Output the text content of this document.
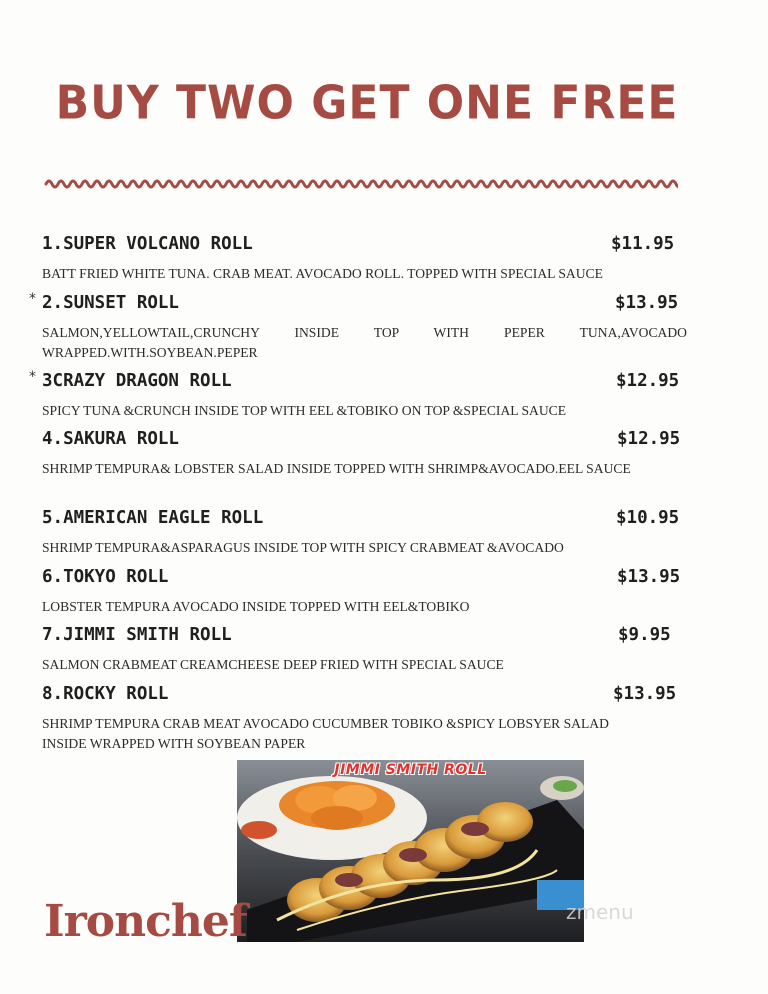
BUY TWO GET ONE FREE
1.SUPER VOLCANO ROLL	$11.95
BATT FRIED WHITE TUNA. CRAB MEAT. AVOCADO ROLL. TOPPED WITH SPECIAL SAUCE
* 2.SUNSET ROLL	$13.95
SALMON,YELLOWTAIL,CRUNCHY INSIDE TOP WITH PEPER TUNA,AVOCADO WRAPPED.WITH.SOYBEAN.PEPER
* 3CRAZY DRAGON ROLL	$12.95
SPICY TUNA &CRUNCH INSIDE TOP WITH EEL &TOBIKO ON TOP &SPECIAL SAUCE
4.SAKURA ROLL	$12.95
SHRIMP TEMPURA& LOBSTER SALAD INSIDE TOPPED WITH SHRIMP&AVOCADO.EEL SAUCE
5.AMERICAN EAGLE ROLL	$10.95
SHRIMP TEMPURA&ASPARAGUS INSIDE TOP WITH SPICY CRABMEAT &AVOCADO
6.TOKYO ROLL	$13.95
LOBSTER TEMPURA AVOCADO INSIDE TOPPED WITH EEL&TOBIKO
7.JIMMI SMITH ROLL	$9.95
SALMON CRABMEAT CREAMCHEESE DEEP FRIED WITH SPECIAL SAUCE
8.ROCKY ROLL	$13.95
SHRIMP TEMPURA CRAB MEAT AVOCADO CUCUMBER TOBIKO &SPICY LOBSYER SALAD INSIDE WRAPPED WITH SOYBEAN PAPER
JIMMI SMITH ROLL
Ironchef	zmenu
